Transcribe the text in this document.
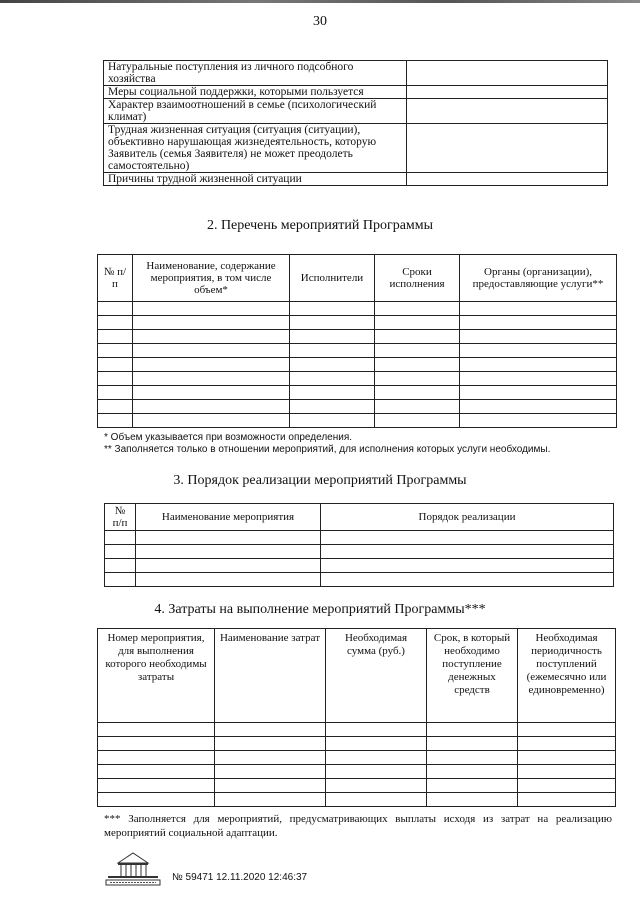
30
Натуральные поступления из личного подсобного хозяйства	
Меры социальной поддержки, которыми пользуется	
Характер взаимоотношений в семье (психологический климат)	
Трудная жизненная ситуация (ситуация (ситуации), объективно нарушающая жизнедеятельность, которую Заявитель (семья Заявителя) не может преодолеть самостоятельно)	
Причины трудной жизненной ситуации	
2. Перечень мероприятий Программы
№ п/п	Наименование, содержание мероприятия, в том числе объем*	Исполнители	Сроки исполнения	Органы (организации), предоставляющие услуги**

* Объем указывается при возможности определения.
** Заполняется только в отношении мероприятий, для исполнения которых услуги необходимы.
3. Порядок реализации мероприятий Программы
№ п/п	Наименование мероприятия	Порядок реализации

4. Затраты на выполнение мероприятий Программы***
Номер мероприятия, для выполнения которого необходимы затраты	Наименование затрат	Необходимая сумма (руб.)	Срок, в который необходимо поступление денежных средств	Необходимая периодичность поступлений (ежемесячно или единовременно)

*** Заполняется для мероприятий, предусматривающих выплаты исходя из затрат на реализацию мероприятий социальной адаптации.
№ 59471 12.11.2020 12:46:37
